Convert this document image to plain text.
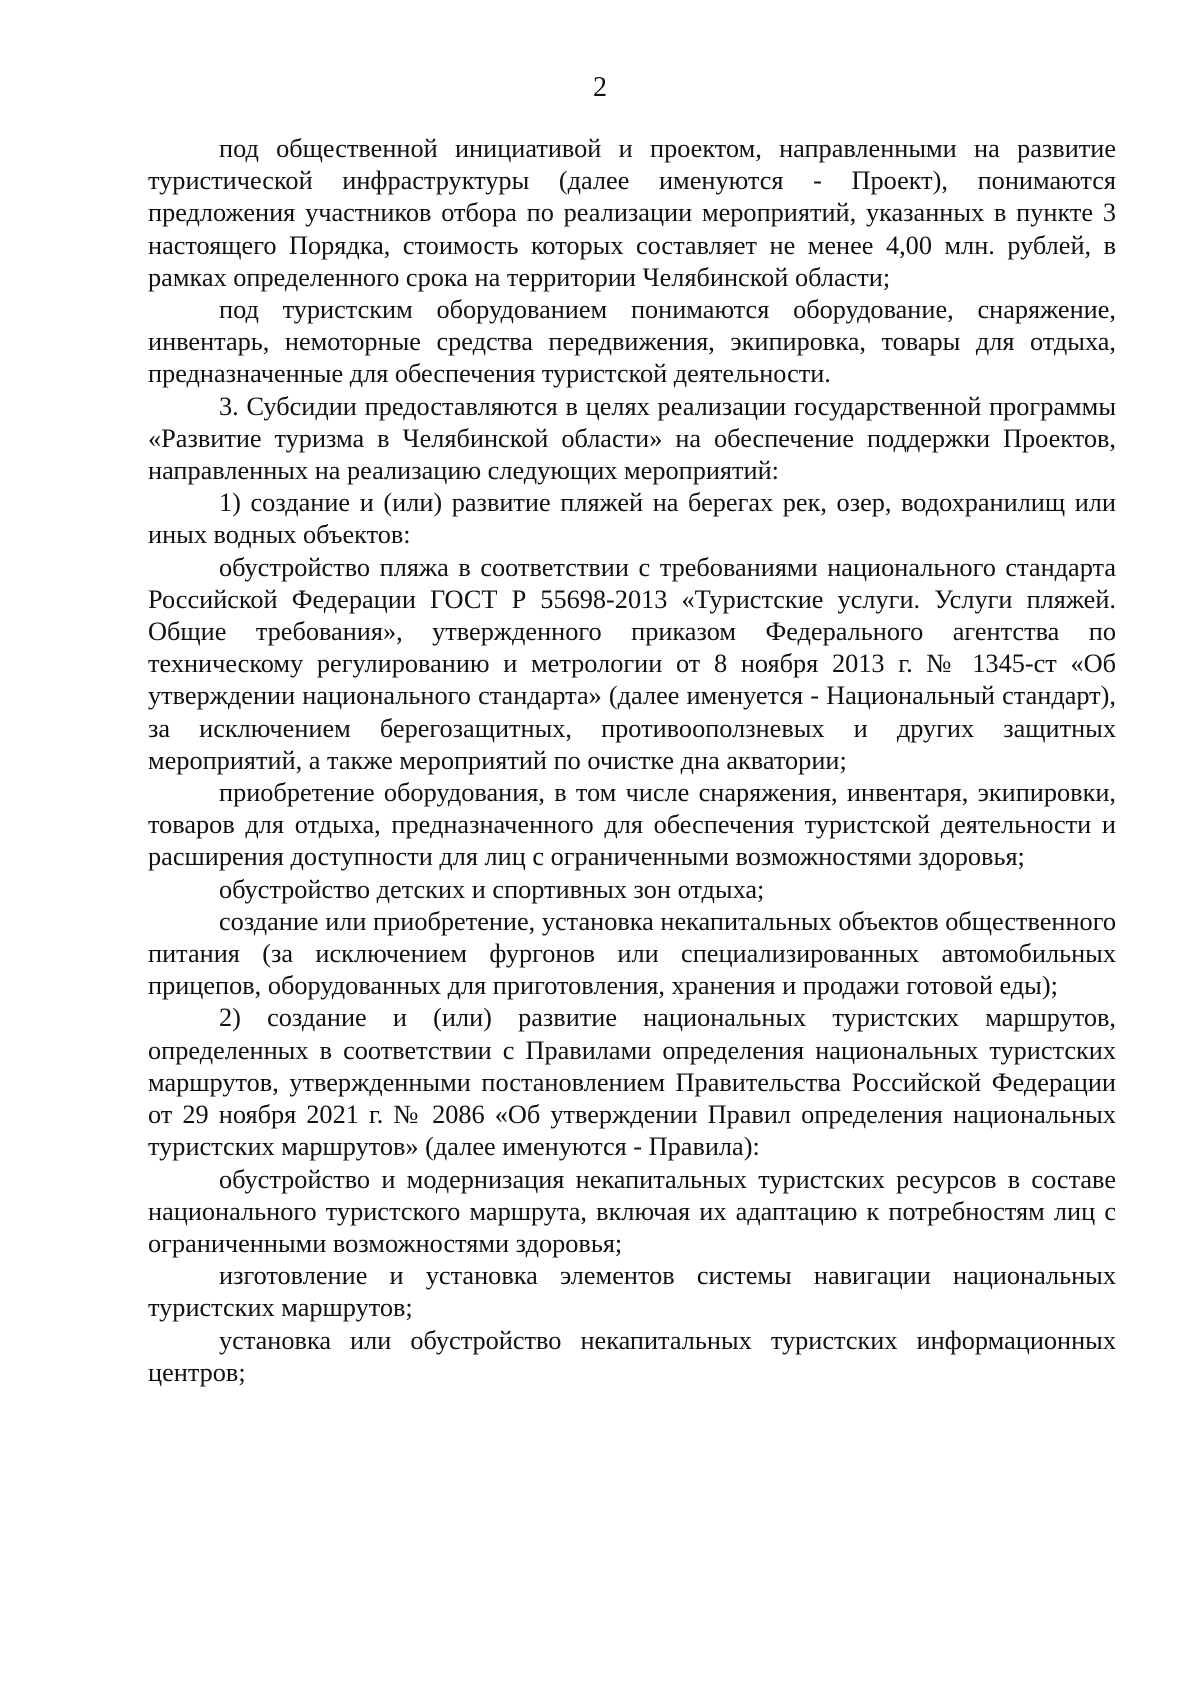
2

под общественной инициативой и проектом, направленными на развитие туристической инфраструктуры (далее именуются - Проект), понимаются предложения участников отбора по реализации мероприятий, указанных в пункте 3 настоящего Порядка, стоимость которых составляет не менее 4,00 млн. рублей, в рамках определенного срока на территории Челябинской области;

под туристским оборудованием понимаются оборудование, снаряжение, инвентарь, немоторные средства передвижения, экипировка, товары для отдыха, предназначенные для обеспечения туристской деятельности.

3. Субсидии предоставляются в целях реализации государственной программы «Развитие туризма в Челябинской области» на обеспечение поддержки Проектов, направленных на реализацию следующих мероприятий:

1) создание и (или) развитие пляжей на берегах рек, озер, водохранилищ или иных водных объектов:

обустройство пляжа в соответствии с требованиями национального стандарта Российской Федерации ГОСТ Р 55698-2013 «Туристские услуги. Услуги пляжей. Общие требования», утвержденного приказом Федерального агентства по техническому регулированию и метрологии от 8 ноября 2013 г. № 1345-ст «Об утверждении национального стандарта» (далее именуется - Национальный стандарт), за исключением берегозащитных, противооползневых и других защитных мероприятий, а также мероприятий по очистке дна акватории;

приобретение оборудования, в том числе снаряжения, инвентаря, экипировки, товаров для отдыха, предназначенного для обеспечения туристской деятельности и расширения доступности для лиц с ограниченными возможностями здоровья;

обустройство детских и спортивных зон отдыха;

создание или приобретение, установка некапитальных объектов общественного питания (за исключением фургонов или специализированных автомобильных прицепов, оборудованных для приготовления, хранения и продажи готовой еды);

2) создание и (или) развитие национальных туристских маршрутов, определенных в соответствии с Правилами определения национальных туристских маршрутов, утвержденными постановлением Правительства Российской Федерации от 29 ноября 2021 г. № 2086 «Об утверждении Правил определения национальных туристских маршрутов» (далее именуются - Правила):

обустройство и модернизация некапитальных туристских ресурсов в составе национального туристского маршрута, включая их адаптацию к потребностям лиц с ограниченными возможностями здоровья;

изготовление и установка элементов системы навигации национальных туристских маршрутов;

установка или обустройство некапитальных туристских информационных центров;
